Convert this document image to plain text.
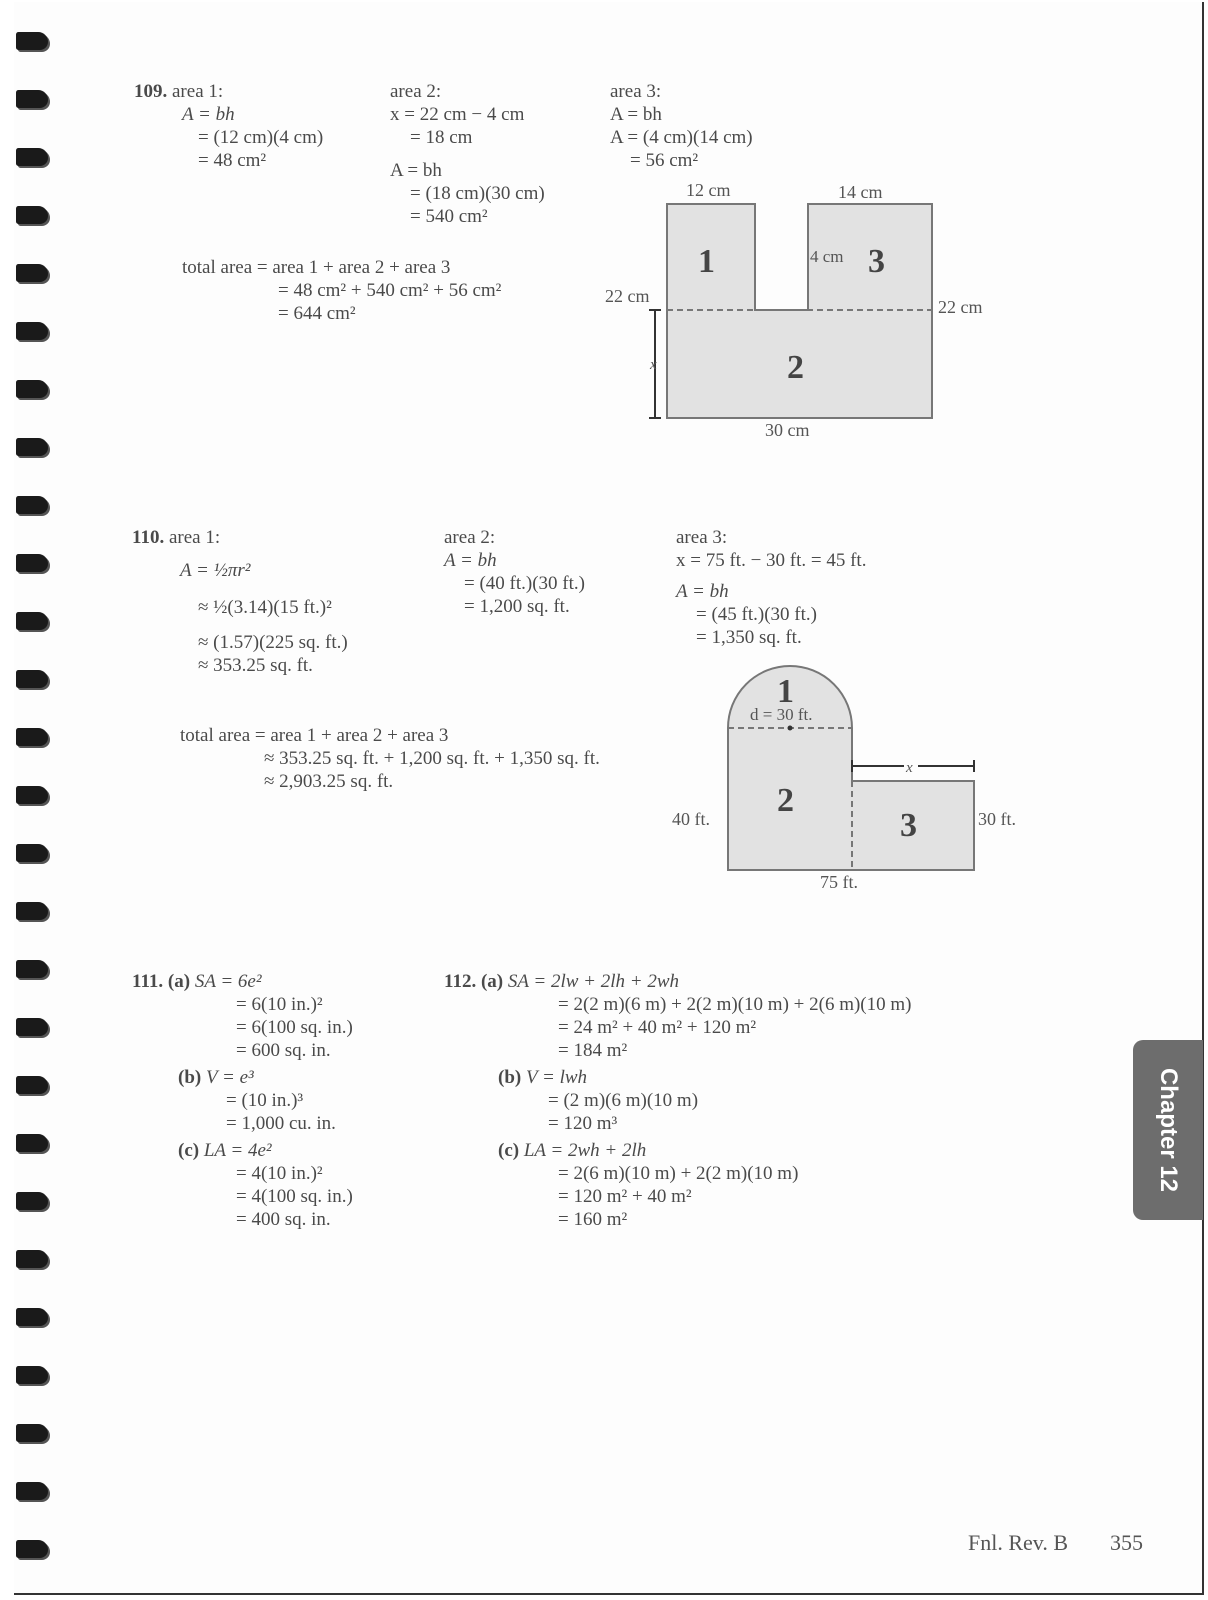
109. area 1:
A = bh
= (12 cm)(4 cm)
= 48 cm²
area 2:
x = 22 cm − 4 cm
= 18 cm
A = bh
= (18 cm)(30 cm)
= 540 cm²
area 3:
A = bh
A = (4 cm)(14 cm)
= 56 cm²
total area = area 1 + area 2 + area 3
= 48 cm² + 540 cm² + 56 cm²
= 644 cm²
12 cm	14 cm
22 cm
22 cm
30 cm
4 cm
x
1	3
2
110. area 1:
A = ½πr²
≈ ½(3.14)(15 ft.)²
≈ (1.57)(225 sq. ft.)
≈ 353.25 sq. ft.
area 2:
A = bh
= (40 ft.)(30 ft.)
= 1,200 sq. ft.
area 3:
x = 75 ft. − 30 ft. = 45 ft.
A = bh
= (45 ft.)(30 ft.)
= 1,350 sq. ft.
total area = area 1 + area 2 + area 3
≈ 353.25 sq. ft. + 1,200 sq. ft. + 1,350 sq. ft.
≈ 2,903.25 sq. ft.
x
d = 30 ft.
40 ft.	30 ft.
75 ft.
1
2
3
111. (a) SA = 6e²
= 6(10 in.)²
= 6(100 sq. in.)
= 600 sq. in.
(b) V = e³
= (10 in.)³
= 1,000 cu. in.
(c) LA = 4e²
= 4(10 in.)²
= 4(100 sq. in.)
= 400 sq. in.
112. (a) SA = 2lw + 2lh + 2wh
= 2(2 m)(6 m) + 2(2 m)(10 m) + 2(6 m)(10 m)
= 24 m² + 40 m² + 120 m²
= 184 m²
(b) V = lwh
= (2 m)(6 m)(10 m)
= 120 m³
(c) LA = 2wh + 2lh
= 2(6 m)(10 m) + 2(2 m)(10 m)
= 120 m² + 40 m²
= 160 m²
Chapter 12
Fnl. Rev. B 355
